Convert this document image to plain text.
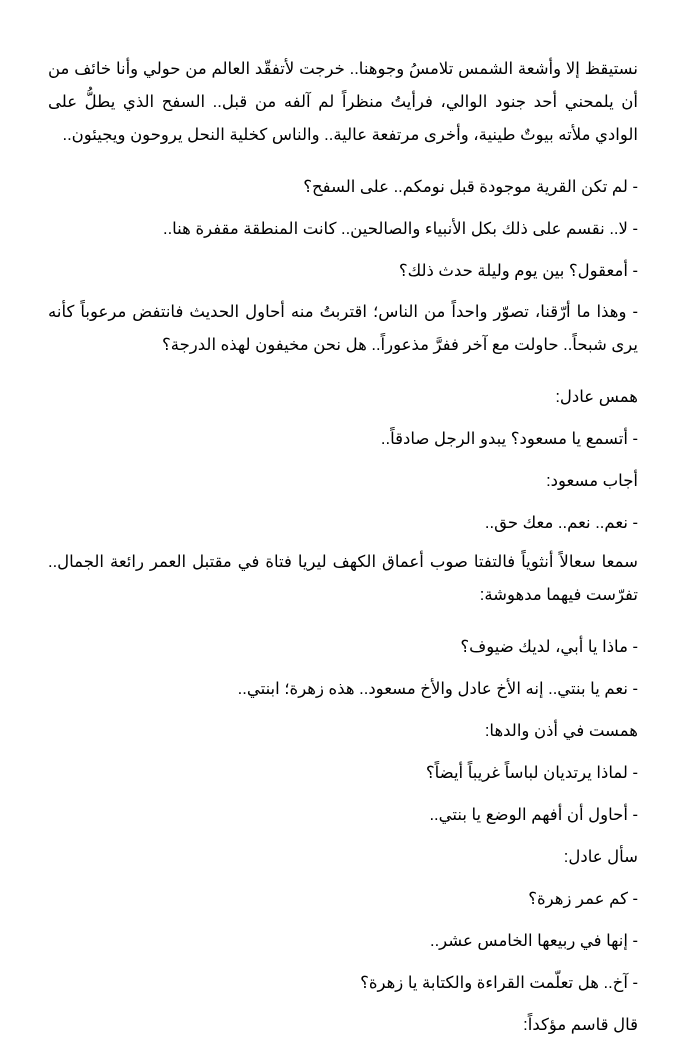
نستيقظ إلا وأشعة الشمس تلامسُ وجوهنا.. خرجت لأتفقّد العالم من حولي وأنا خائف من أن يلمحني أحد جنود الوالي، فرأيتُ منظراً لم آلفه من قبل.. السفح الذي يطلُّ على الوادي ملأته بيوتٌ طينية، وأخرى مرتفعة عالية.. والناس كخلية النحل يروحون ويجيئون..

- لم تكن القرية موجودة قبل نومكم.. على السفح؟

- لا.. نقسم على ذلك بكل الأنبياء والصالحين.. كانت المنطقة مقفرة هنا..

- أمعقول؟ بين يوم وليلة حدث ذلك؟

- وهذا ما أرّقنا، تصوّر واحداً من الناس؛ اقتربتُ منه أحاول الحديث فانتفض مرعوباً كأنه يرى شبحاً.. حاولت مع آخر ففرَّ مذعوراً.. هل نحن مخيفون لهذه الدرجة؟

همس عادل:

- أتسمع يا مسعود؟ يبدو الرجل صادقاً..

أجاب مسعود:

- نعم.. نعم.. معك حق..

سمعا سعالاً أنثوياً فالتفتا صوب أعماق الكهف ليريا فتاة في مقتبل العمر رائعة الجمال.. تفرّست فيهما مدهوشة:

- ماذا يا أبي، لديك ضيوف؟

- نعم يا بنتي.. إنه الأخ عادل والأخ مسعود.. هذه زهرة؛ ابنتي..

همست في أذن والدها:

- لماذا يرتديان لباساً غريباً أيضاً؟

- أحاول أن أفهم الوضع يا بنتي..

سأل عادل:

- كم عمر زهرة؟

- إنها في ربيعها الخامس عشر..

- آخ.. هل تعلّمت القراءة والكتابة يا زهرة؟

قال قاسم مؤكداً:
